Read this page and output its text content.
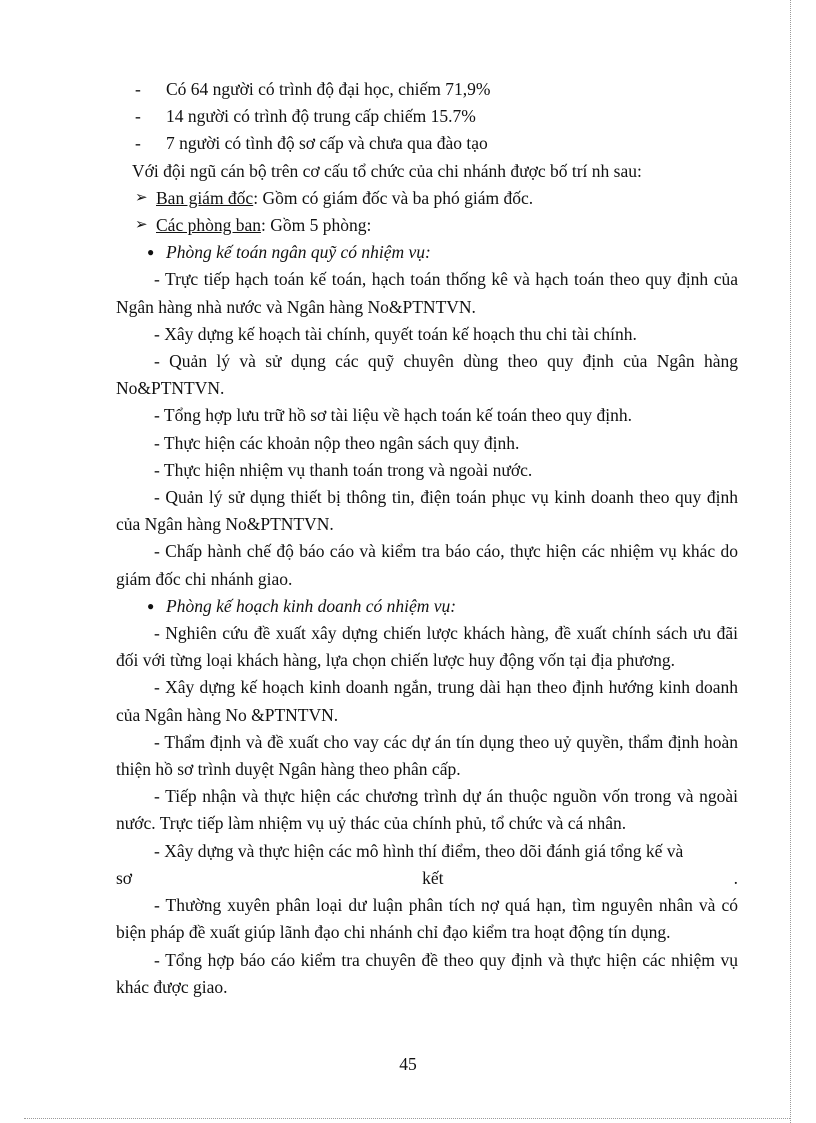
- Có 64 người có trình độ đại học, chiếm 71,9%
- 14 người có trình độ trung cấp chiếm 15.7%
- 7 người có tình độ sơ cấp và chưa qua đào tạo
Với đội ngũ cán bộ trên cơ cấu tổ chức của chi nhánh được bố trí nh sau:
➢ Ban giám đốc: Gồm có giám đốc và ba phó giám đốc.
➢ Các phòng ban: Gồm 5 phòng:
● Phòng kế toán ngân quỹ có nhiệm vụ:
- Trực tiếp hạch toán kế toán, hạch toán thống kê và hạch toán theo quy định của Ngân hàng nhà nước và Ngân hàng No&PTNTVN.
- Xây dựng kế hoạch tài chính, quyết toán kế hoạch thu chi tài chính.
- Quản lý và sử dụng các quỹ chuyên dùng theo quy định của Ngân hàng No&PTNTVN.
- Tổng hợp lưu trữ hồ sơ tài liệu về hạch toán kế toán theo quy định.
- Thực hiện các khoản nộp theo ngân sách quy định.
- Thực hiện nhiệm vụ thanh toán trong và ngoài nước.
- Quản lý sử dụng thiết bị thông tin, điện toán phục vụ kinh doanh theo quy định của Ngân hàng No&PTNTVN.
- Chấp hành chế độ báo cáo và kiểm tra báo cáo, thực hiện các nhiệm vụ khác do giám đốc chi nhánh giao.
● Phòng kế hoạch kinh doanh có nhiệm vụ:
- Nghiên cứu đề xuất xây dựng chiến lược khách hàng, đề xuất chính sách ưu đãi đối với từng loại khách hàng, lựa chọn chiến lược huy động vốn tại địa phương.
- Xây dựng kế hoạch kinh doanh ngắn, trung dài hạn theo định hướng kinh doanh của Ngân hàng No &PTNTVN.
- Thẩm định và đề xuất cho vay các dự án tín dụng theo uỷ quyền, thẩm định hoàn thiện hồ sơ trình duyệt Ngân hàng theo phân cấp.
- Tiếp nhận và thực hiện các chương trình dự án thuộc nguồn vốn trong và ngoài nước. Trực tiếp làm nhiệm vụ uỷ thác của chính phủ, tổ chức và cá nhân.
- Xây dựng và thực hiện các mô hình thí điểm, theo dõi đánh giá tổng kế và
sơ	kết	.
- Thường xuyên phân loại dư luận phân tích nợ quá hạn, tìm nguyên nhân và có biện pháp đề xuất giúp lãnh đạo chi nhánh chỉ đạo kiểm tra hoạt động tín dụng.
- Tổng hợp báo cáo kiểm tra chuyên đề theo quy định và thực hiện các nhiệm vụ khác được giao.
45
